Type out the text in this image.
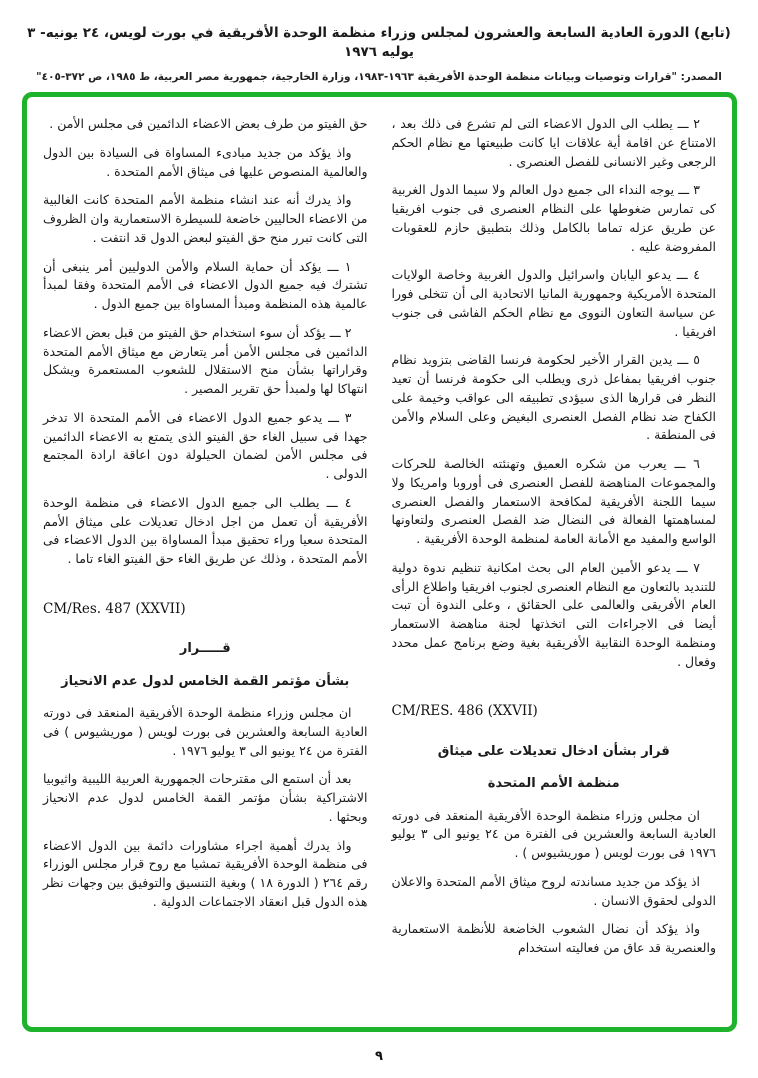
(تابع) الدورة العادية السابعة والعشرون لمجلس وزراء منظمة الوحدة الأفريقية في بورت لويس، ٢٤ يونيه- ٣ يوليه ١٩٧٦
المصدر: "قرارات وتوصيات وبيانات منظمة الوحدة الأفريقية ١٩٦٣-١٩٨٣، وزارة الخارجية، جمهورية مصر العربية، ط ١٩٨٥، ص ٣٧٢-٤٠٥"

٢ ـــ يطلب الى الدول الاعضاء التى لم تشرع فى ذلك بعد ، الامتناع عن اقامة أية علاقات ايا كانت طبيعتها مع نظام الحكم الرجعى وغير الانسانى للفصل العنصرى .

٣ ـــ يوجه النداء الى جميع دول العالم ولا سيما الدول الغربية كى تمارس ضغوطها على النظام العنصرى فى جنوب افريقيا عن طريق عزله تماما بالكامل وذلك بتطبيق حازم للعقوبات المفروضة عليه .

٤ ـــ يدعو اليابان واسرائيل والدول الغربية وخاصة الولايات المتحدة الأمريكية وجمهورية المانيا الاتحادية الى أن تتخلى فورا عن سياسة التعاون النووى مع نظام الحكم الفاشى فى جنوب افريقيا .

٥ ـــ يدين القرار الأخير لحكومة فرنسا القاضى بتزويد نظام جنوب افريقيا بمفاعل ذرى ويطلب الى حكومة فرنسا أن تعيد النظر فى قرارها الذى سيؤدى تطبيقه الى عواقب وخيمة على الكفاح ضد نظام الفصل العنصرى البغيض وعلى السلام والأمن فى المنطقة .

٦ ـــ يعرب من شكره العميق وتهنئته الخالصة للحركات والمجموعات المناهضة للفصل العنصرى فى أوروبا وامريكا ولا سيما اللجنة الأفريقية لمكافحة الاستعمار والفصل العنصرى لمساهمتها الفعالة فى النضال ضد الفصل العنصرى ولتعاونها الواسع والمفيد مع الأمانة العامة لمنظمة الوحدة الأفريقية .

٧ ـــ يدعو الأمين العام الى بحث امكانية تنظيم ندوة دولية للتنديد بالتعاون مع النظام العنصرى لجنوب افريقيا واطلاع الرأى العام الأفريقى والعالمى على الحقائق ، وعلى الندوة أن تبت أيضا فى الاجراءات التى اتخذتها لجنة مناهضة الاستعمار ومنظمة الوحدة النقابية الأفريقية بغية وضع برنامج عمل محدد وفعال .

CM/RES. 486 (XXVII)
قرار بشأن ادخال تعديلات على ميثاق
منظمة الأمم المتحدة

ان مجلس وزراء منظمة الوحدة الأفريقية المنعقد فى دورته العادية السابعة والعشرين فى الفترة من ٢٤ يونيو الى ٣ يوليو ١٩٧٦ فى بورت لويس ( موريشيوس ) .

اذ يؤكد من جديد مساندته لروح ميثاق الأمم المتحدة والاعلان الدولى لحقوق الانسان .

واذ يؤكد أن نضال الشعوب الخاضعة للأنظمة الاستعمارية والعنصرية قد عاق من فعاليته استخدام

حق الفيتو من طرف بعض الاعضاء الدائمين فى مجلس الأمن .

واذ يؤكد من جديد مبادىء المساواة فى السيادة بين الدول والعالمية المنصوص عليها فى ميثاق الأمم المتحدة .

واذ يدرك أنه عند انشاء منظمة الأمم المتحدة كانت الغالبية من الاعضاء الحاليين خاضعة للسيطرة الاستعمارية وان الظروف التى كانت تبرر منح حق الفيتو لبعض الدول قد انتفت .

١ ـــ يؤكد أن حماية السلام والأمن الدوليين أمر ينبغى أن تشترك فيه جميع الدول الاعضاء فى الأمم المتحدة وفقا لمبدأ عالمية هذه المنظمة ومبدأ المساواة بين جميع الدول .

٢ ـــ يؤكد أن سوء استخدام حق الفيتو من قبل بعض الاعضاء الدائمين فى مجلس الأمن أمر يتعارض مع ميثاق الأمم المتحدة وقراراتها بشأن منح الاستقلال للشعوب المستعمرة ويشكل انتهاكا لها ولمبدأ حق تقرير المصير .

٣ ـــ يدعو جميع الدول الاعضاء فى الأمم المتحدة الا تدخر جهدا فى سبيل الغاء حق الفيتو الذى يتمتع به الاعضاء الدائمين فى مجلس الأمن لضمان الحيلولة دون اعاقة ارادة المجتمع الدولى .

٤ ـــ يطلب الى جميع الدول الاعضاء فى منظمة الوحدة الأفريقية أن تعمل من اجل ادخال تعديلات على ميثاق الأمم المتحدة سعيا وراء تحقيق مبدأ المساواة بين الدول الاعضاء فى الأمم المتحدة ، وذلك عن طريق الغاء حق الفيتو الغاء تاما .

CM/Res. 487 (XXVII)
قـــــرار
بشأن مؤتمر القمة الخامس لدول عدم الانحياز

ان مجلس وزراء منظمة الوحدة الأفريقية المنعقد فى دورته العادية السابعة والعشرين فى بورت لويس ( موريشيوس ) فى الفترة من ٢٤ يونيو الى ٣ يوليو ١٩٧٦ .

بعد أن استمع الى مقترحات الجمهورية العربية الليبية واثيوبيا الاشتراكية بشأن مؤتمر القمة الخامس لدول عدم الانحياز وبحثها .

واذ يدرك أهمية اجراء مشاورات دائمة بين الدول الاعضاء فى منظمة الوحدة الأفريقية تمشيا مع روح قرار مجلس الوزراء رقم ٢٦٤ ( الدورة ١٨ ) وبغية التنسيق والتوفيق بين وجهات نظر هذه الدول قبل انعقاد الاجتماعات الدولية .

٩
